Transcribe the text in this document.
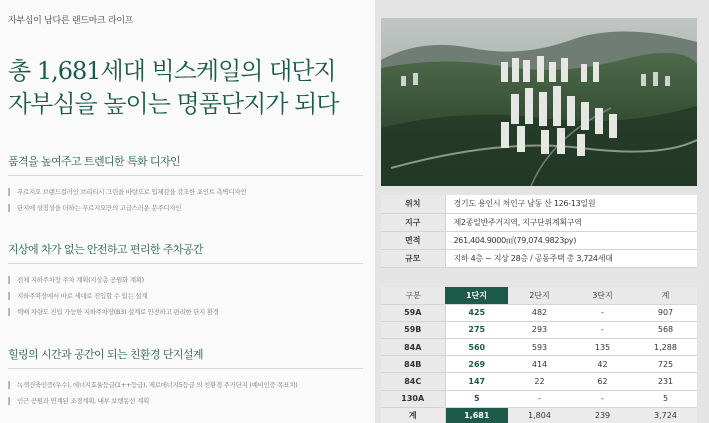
자부심이 남다른 랜드마크 라이프
총 1,681세대 빅스케일의 대단지
자부심을 높이는 명품단지가 되다
품격을 높여주고 트렌디한 특화 디자인
푸르지오 브랜드컬러인 브리티시 그린을 바탕으로 입체감을 강조한 포인트 측벽디자인
단지에 상징성을 더하는 푸르지오만의 고급스러운 문주디자인
지상에 차가 없는 안전하고 편리한 주차공간
전체 지하주차장 주차 계획(지상층 공원화 계획)
지하주차장에서 바로 세대로 진입할 수 있는 설계
택배 차량도 진입 가능한 지하주차장(B3) 설계로 안전하고 편리한 단지 환경
힐링의 시간과 공간이 되는 친환경 단지설계
녹색건축인증(우수), 에너지효율등급(1++등급), 제로에너지5등급 의 친환경 주거단지 (예비인증 목표치)
인근 공원과 연계된 조경계획, 내부 보행동선 계획
위치	경기도 용인시 처인구 남동 산 126-13일원
지구	제2종일반주거지역, 지구단위계획구역
면적	261,404.9000㎡(79,074.9823py)
규모	지하 4층 ~ 지상 28층 / 공동주택 총 3,724세대
구분	1단지	2단지	3단지	계
59A	425	482	-	907
59B	275	293	-	568
84A	560	593	135	1,288
84B	269	414	42	725
84C	147	22	62	231
130A	5	-	-	5
계	1,681	1,804	239	3,724
